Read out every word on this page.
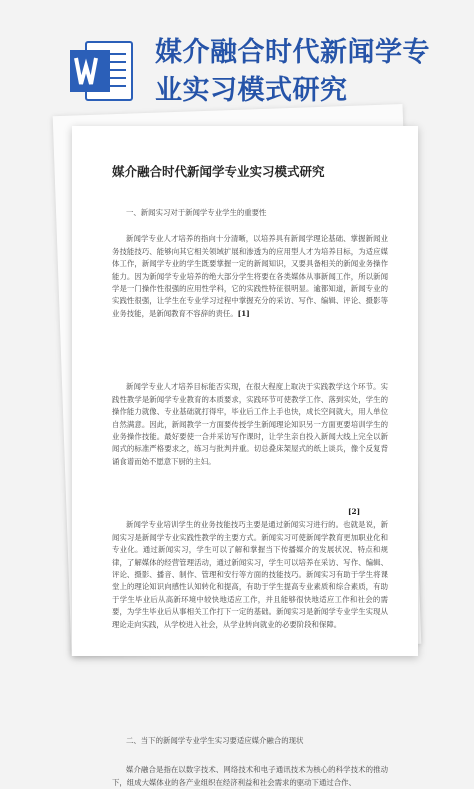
媒介融合时代新闻学专业实习模式研究
媒介融合时代新闻学专业实习模式研究

一、新闻实习对于新闻学专业学生的重要性

新闻学专业人才培养的指向十分清晰，以培养具有新闻学理论基础、掌握新闻业务技能技巧、能够向其它相关领域扩展和渗透为的应用型人才为培养目标，为适应媒体工作，新闻学专业的学生既要掌握一定的新闻知识，又要具备相关的新闻业务操作能力。因为新闻学专业培养的绝大部分学生将要在各类媒体从事新闻工作，所以新闻学是一门操作性很强的应用性学科，它的实践性特征很明显。逾都知道，新闻专业的实践性很强，让学生在专业学习过程中掌握充分的采访、写作、编辑、评论、摄影等业务技能，是新闻教育不容辞的责任。[1]

新闻学专业人才培养目标能否实现，在很大程度上取决于实践教学这个环节。实践性教学是新闻学专业教育的本质要求，实践环节可使教学工作、落到实处，学生的操作能力就像、专业基础就打得牢，毕业后工作上手也快，成长空间就大，用人单位自然满意。因此，新闻教学一方面要传授学生新闻理论知识另一方面更要培训学生的业务操作技能。最好要使一合并采访写作课时，让学生亲自投入新闻大线上完全以新闻式的标准严格要求之，练习与批判并重。切总叠床架屋式的纸上谈兵，像个反复背诵食谱而始不愿意下厨的主妇。

新闻学专业培训学生的业务技能技巧主要是通过新闻实习进行的。也就是说，新闻实习是新闻学专业实践性教学的主要方式。新闻实习可使新闻学教育更加职业化和专业化。通过新闻实习，学生可以了解和掌握当下传播媒介的发展状况、特点和规律，了解媒体的经营管理活动，通过新闻实习，学生可以培养在采访、写作、编辑、评论、摄影、播音、制作、管理和安行等方面的技能技巧。新闻实习有助于学生将课堂上的理论知识向感性认知转化和提高，有助于学生提高专业素质和综合素质，有助于学生毕业后从高新环境中较快地适应工作，并且能够很快地适应工作和社会的需要，为学生毕业后从事相关工作打下一定的基础。新闻实习是新闻学专业学生实现从理论走向实践，从学校进入社会，从学业转向就业的必要阶段和保障。

二、当下的新闻学专业学生实习要适应媒介融合的现状

媒介融合是指在以数字技术、网络技术和电子通讯技术为核心的科学技术的推动下，组成大媒体业的各产业组织在经济利益和社会需求的驱动下通过合作、

[2]
